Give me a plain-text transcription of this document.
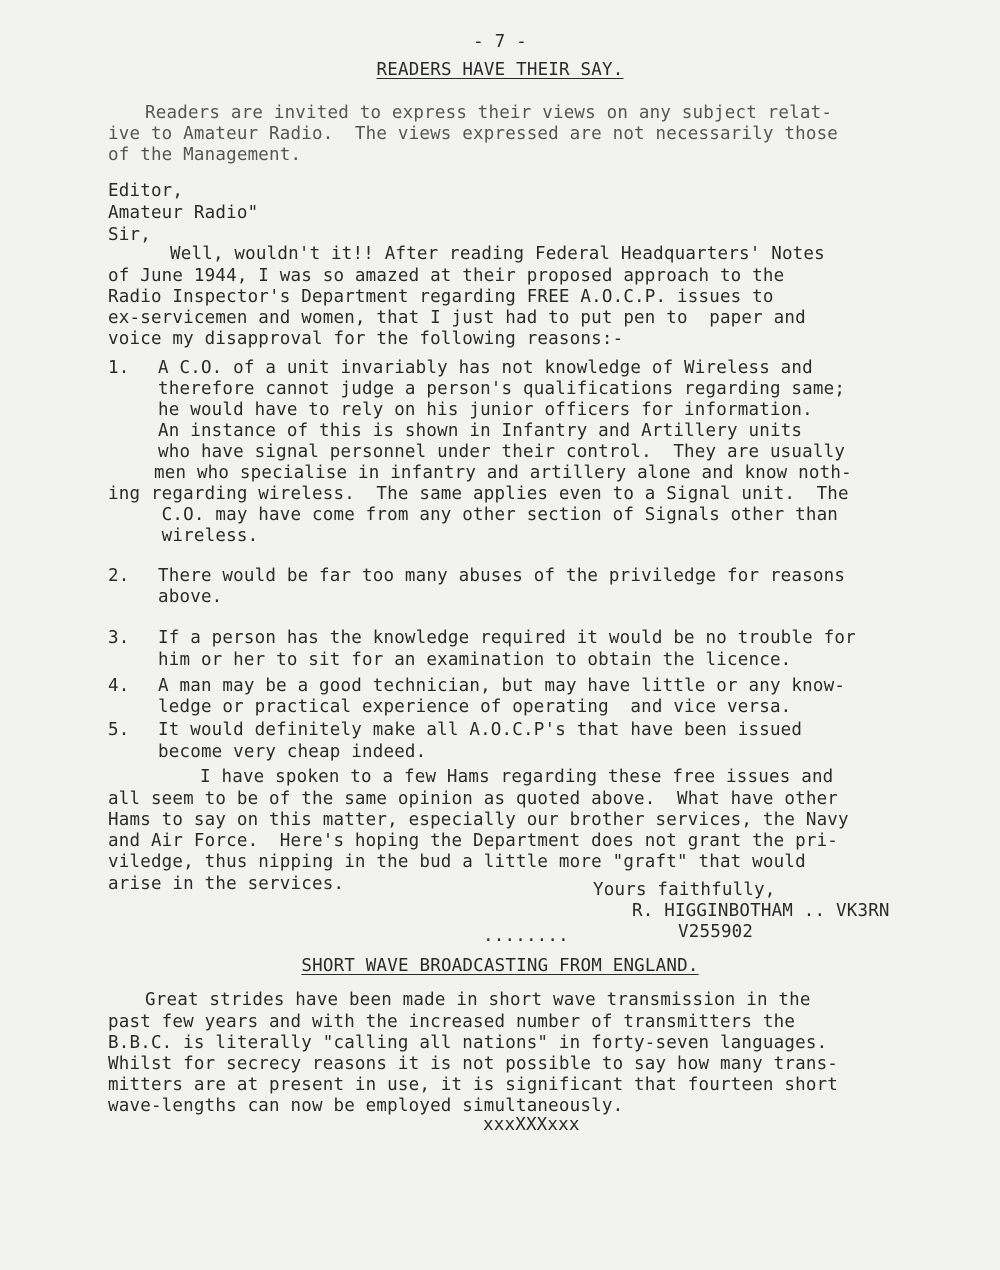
- 7 -
READERS HAVE THEIR SAY.
Readers are invited to express their views on any subject relat-
ive to Amateur Radio.  The views expressed are not necessarily those
of the Management.
Editor,
Amateur Radio"
Sir,
Well, wouldn't it!! After reading Federal Headquarters' Notes
of June 1944, I was so amazed at their proposed approach to the
Radio Inspector's Department regarding FREE A.O.C.P. issues to
ex-servicemen and women, that I just had to put pen to  paper and
voice my disapproval for the following reasons:-
1. A C.O. of a unit invariably has not knowledge of Wireless and
therefore cannot judge a person's qualifications regarding same;
he would have to rely on his junior officers for information.
An instance of this is shown in Infantry and Artillery units
who have signal personnel under their control.  They are usually
men who specialise in infantry and artillery alone and know noth-
ing regarding wireless.  The same applies even to a Signal unit.  The
C.O. may have come from any other section of Signals other than
wireless.
2. There would be far too many abuses of the priviledge for reasons
above.
3. If a person has the knowledge required it would be no trouble for
him or her to sit for an examination to obtain the licence.
4. A man may be a good technician, but may have little or any know-
ledge or practical experience of operating  and vice versa.
5. It would definitely make all A.O.C.P's that have been issued
become very cheap indeed.
I have spoken to a few Hams regarding these free issues and
all seem to be of the same opinion as quoted above.  What have other
Hams to say on this matter, especially our brother services, the Navy
and Air Force.  Here's hoping the Department does not grant the pri-
viledge, thus nipping in the bud a little more "graft" that would
arise in the services.	Yours faithfully,
R. HIGGINBOTHAM .. VK3RN
V255902
........
SHORT WAVE BROADCASTING FROM ENGLAND.
Great strides have been made in short wave transmission in the
past few years and with the increased number of transmitters the
B.B.C. is literally "calling all nations" in forty-seven languages.
Whilst for secrecy reasons it is not possible to say how many trans-
mitters are at present in use, it is significant that fourteen short
wave-lengths can now be employed simultaneously.
xxxXXXxxx
